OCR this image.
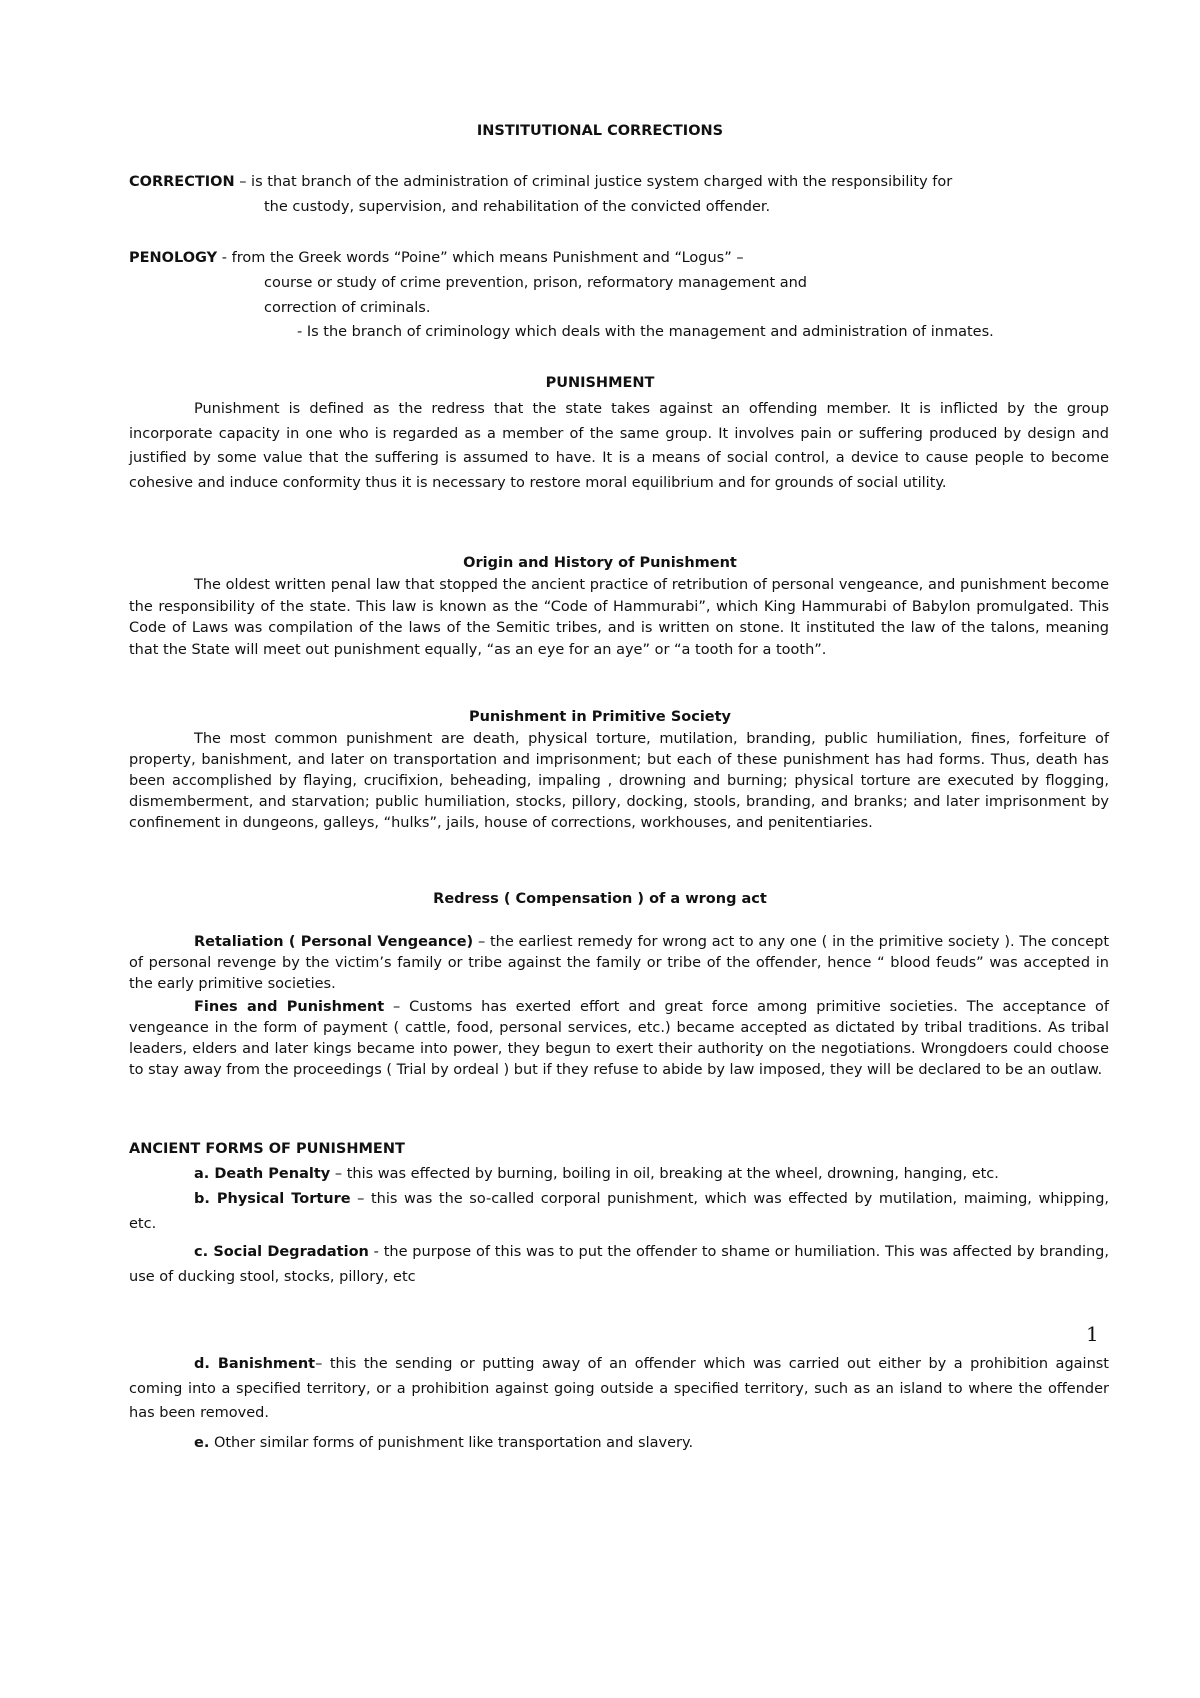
INSTITUTIONAL CORRECTIONS
CORRECTION – is that branch of the administration of criminal justice system charged with the responsibility for
the custody, supervision, and rehabilitation of the convicted offender.
PENOLOGY - from the Greek words “Poine” which means Punishment and “Logus” –
course or study of crime prevention, prison, reformatory management and
correction of criminals.
- Is the branch of criminology which deals with the management and administration of inmates.
PUNISHMENT
Punishment is defined as the redress that the state takes against an offending member. It is inflicted by the group incorporate capacity in one who is regarded as a member of the same group. It involves pain or suffering produced by design and justified by some value that the suffering is assumed to have. It is a means of social control, a device to cause people to become cohesive and induce conformity thus it is necessary to restore moral equilibrium and for grounds of social utility.
Origin and History of Punishment
The oldest written penal law that stopped the ancient practice of retribution of personal vengeance, and punishment become the responsibility of the state. This law is known as the “Code of Hammurabi”, which King Hammurabi of Babylon promulgated. This Code of Laws was compilation of the laws of the Semitic tribes, and is written on stone. It instituted the law of the talons, meaning that the State will meet out punishment equally, “as an eye for an aye” or “a tooth for a tooth”.
Punishment in Primitive Society
The most common punishment are death, physical torture, mutilation, branding, public humiliation, fines, forfeiture of property, banishment, and later on transportation and imprisonment; but each of these punishment has had forms. Thus, death has been accomplished by flaying, crucifixion, beheading, impaling , drowning and burning; physical torture are executed by flogging, dismemberment, and starvation; public humiliation, stocks, pillory, docking, stools, branding, and branks; and later imprisonment by confinement in dungeons, galleys, “hulks”, jails, house of corrections, workhouses, and penitentiaries.
Redress ( Compensation ) of a wrong act
Retaliation ( Personal Vengeance) – the earliest remedy for wrong act to any one ( in the primitive society ). The concept of personal revenge by the victim’s family or tribe against the family or tribe of the offender, hence “ blood feuds” was accepted in the early primitive societies.
Fines and Punishment – Customs has exerted effort and great force among primitive societies. The acceptance of vengeance in the form of payment ( cattle, food, personal services, etc.) became accepted as dictated by tribal traditions. As tribal leaders, elders and later kings became into power, they begun to exert their authority on the negotiations. Wrongdoers could choose to stay away from the proceedings ( Trial by ordeal ) but if they refuse to abide by law imposed, they will be declared to be an outlaw.
ANCIENT FORMS OF PUNISHMENT
a. Death Penalty – this was effected by burning, boiling in oil, breaking at the wheel, drowning, hanging, etc.
b. Physical Torture – this was the so-called corporal punishment, which was effected by mutilation, maiming, whipping, etc.
c. Social Degradation - the purpose of this was to put the offender to shame or humiliation. This was affected by branding, use of ducking stool, stocks, pillory, etc
1
d. Banishment– this the sending or putting away of an offender which was carried out either by a prohibition against coming into a specified territory, or a prohibition against going outside a specified territory, such as an island to where the offender has been removed.
e. Other similar forms of punishment like transportation and slavery.
